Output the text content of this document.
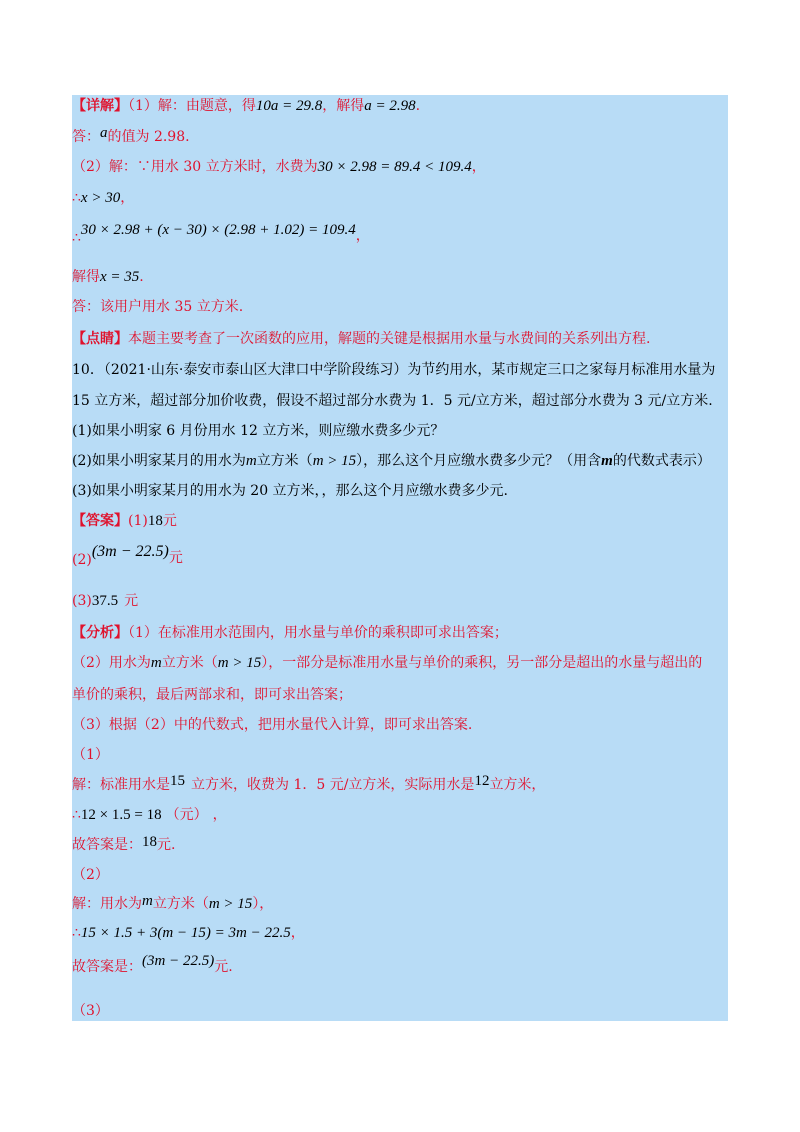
【详解】（1）解：由题意，得10a = 29.8，解得a = 2.98.
答：a的值为 2.98.
（2）解：∵用水 30 立方米时，水费为30 × 2.98 = 89.4 < 109.4，
∴x > 30，
∴30 × 2.98 + (x − 30) × (2.98 + 1.02) = 109.4，
解得x = 35.
答：该用户用水 35 立方米.
【点睛】本题主要考查了一次函数的应用，解题的关键是根据用水量与水费间的关系列出方程.
10．（2021·山东·泰安市泰山区大津口中学阶段练习）为节约用水，某市规定三口之家每月标准用水量为
15 立方米，超过部分加价收费，假设不超过部分水费为 1．5 元/立方米，超过部分水费为 3 元/立方米.
(1)如果小明家 6 月份用水 12 立方米，则应缴水费多少元？
(2)如果小明家某月的用水为m立方米（m > 15），那么这个月应缴水费多少元？（用含m的代数式表示）
(3)如果小明家某月的用水为 20 立方米，，那么这个月应缴水费多少元.
【答案】(1)18元
(2)(3m − 22.5)元
(3)37.5 元
【分析】（1）在标准用水范围内，用水量与单价的乘积即可求出答案；
（2）用水为m立方米（m > 15），一部分是标准用水量与单价的乘积，另一部分是超出的水量与超出的
单价的乘积，最后两部求和，即可求出答案；
（3）根据（2）中的代数式，把用水量代入计算，即可求出答案.
（1）
解：标准用水是15 立方米，收费为 1．5 元/立方米，实际用水是12立方米，
∴12 × 1.5 = 18 （元） ，
故答案是：18元.
（2）
解：用水为m立方米（m > 15），
∴15 × 1.5 + 3(m − 15) = 3m − 22.5，
故答案是：(3m − 22.5)元.
（3）
